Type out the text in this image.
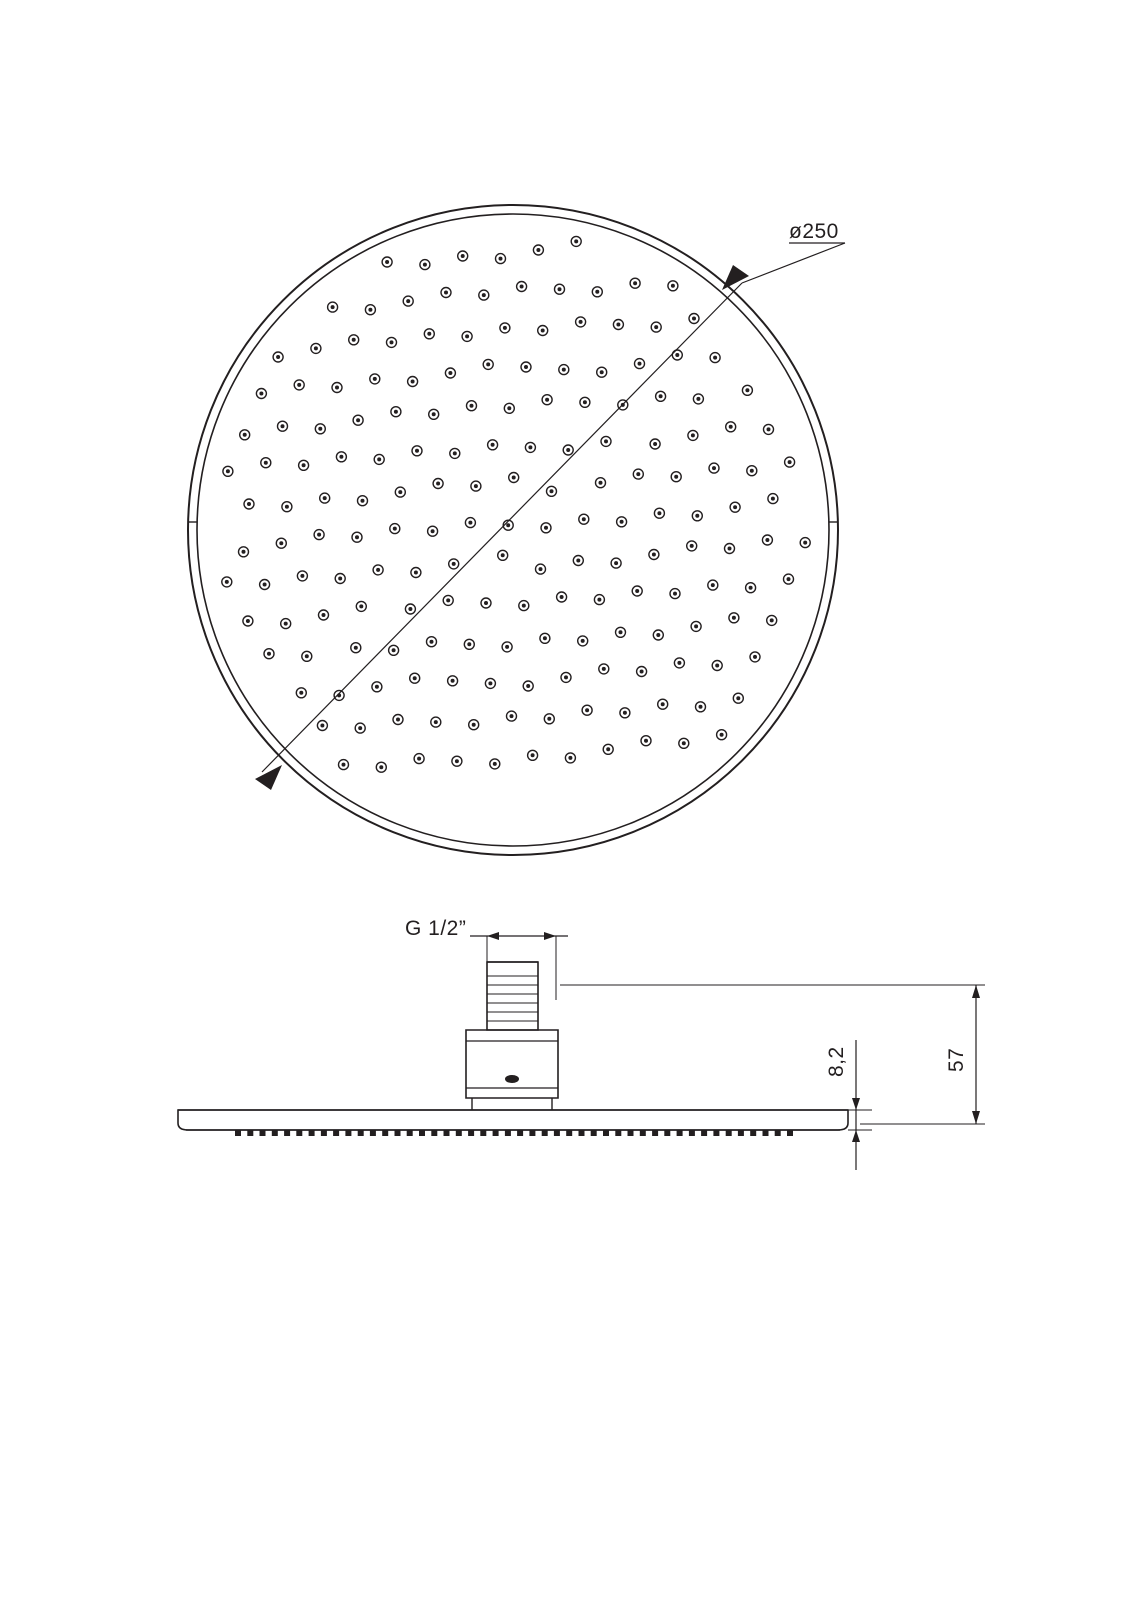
ø250
G 1/2”
8,2	57
